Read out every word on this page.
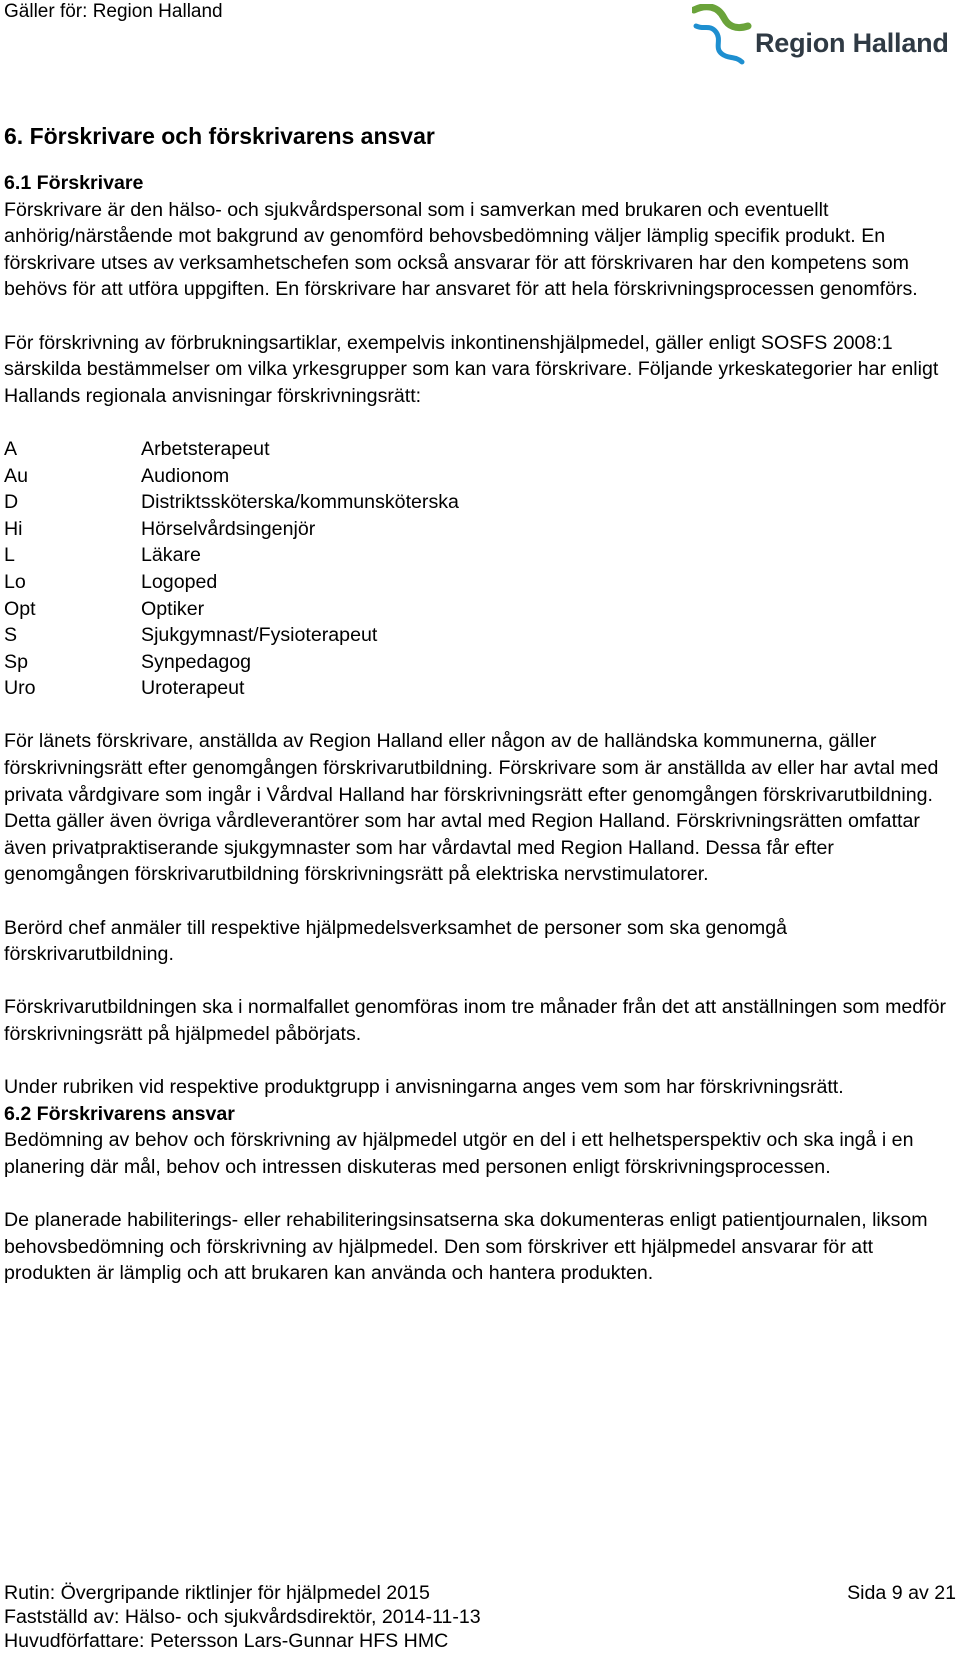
Gäller för: Region Halland
Region Halland
6. Förskrivare och förskrivarens ansvar
6.1 Förskrivare

Förskrivare är den hälso- och sjukvårdspersonal som i samverkan med brukaren och eventuellt anhörig/närstående mot bakgrund av genomförd behovsbedömning väljer lämplig specifik produkt. En förskrivare utses av verksamhetschefen som också ansvarar för att förskrivaren har den kompetens som behövs för att utföra uppgiften. En förskrivare har ansvaret för att hela förskrivningsprocessen genomförs.

För förskrivning av förbrukningsartiklar, exempelvis inkontinenshjälpmedel, gäller enligt SOSFS 2008:1 särskilda bestämmelser om vilka yrkesgrupper som kan vara förskrivare. Följande yrkeskategorier har enligt Hallands regionala anvisningar förskrivningsrätt:

A	Arbetsterapeut
Au	Audionom
D	Distriktssköterska/kommunsköterska
Hi	Hörselvårdsingenjör
L	Läkare
Lo	Logoped
Opt	Optiker
S	Sjukgymnast/Fysioterapeut
Sp	Synpedagog
Uro	Uroterapeut

För länets förskrivare, anställda av Region Halland eller någon av de halländska kommunerna, gäller förskrivningsrätt efter genomgången förskrivarutbildning. Förskrivare som är anställda av eller har avtal med privata vårdgivare som ingår i Vårdval Halland har förskrivningsrätt efter genomgången förskrivarutbildning. Detta gäller även övriga vårdleverantörer som har avtal med Region Halland. Förskrivningsrätten omfattar även privatpraktiserande sjukgymnaster som har vårdavtal med Region Halland. Dessa får efter genomgången förskrivarutbildning förskrivningsrätt på elektriska nervstimulatorer.

Berörd chef anmäler till respektive hjälpmedelsverksamhet de personer som ska genomgå förskrivarutbildning.

Förskrivarutbildningen ska i normalfallet genomföras inom tre månader från det att anställningen som medför förskrivningsrätt på hjälpmedel påbörjats.

Under rubriken vid respektive produktgrupp i anvisningarna anges vem som har förskrivningsrätt.

6.2 Förskrivarens ansvar

Bedömning av behov och förskrivning av hjälpmedel utgör en del i ett helhetsperspektiv och ska ingå i en planering där mål, behov och intressen diskuteras med personen enligt förskrivningsprocessen.

De planerade habiliterings- eller rehabiliteringsinsatserna ska dokumenteras enligt patientjournalen, liksom behovsbedömning och förskrivning av hjälpmedel. Den som förskriver ett hjälpmedel ansvarar för att produkten är lämplig och att brukaren kan använda och hantera produkten.

Rutin: Övergripande riktlinjer för hjälpmedel 2015	Sida 9 av 21
Fastställd av: Hälso- och sjukvårdsdirektör, 2014-11-13
Huvudförfattare: Petersson Lars-Gunnar HFS HMC
